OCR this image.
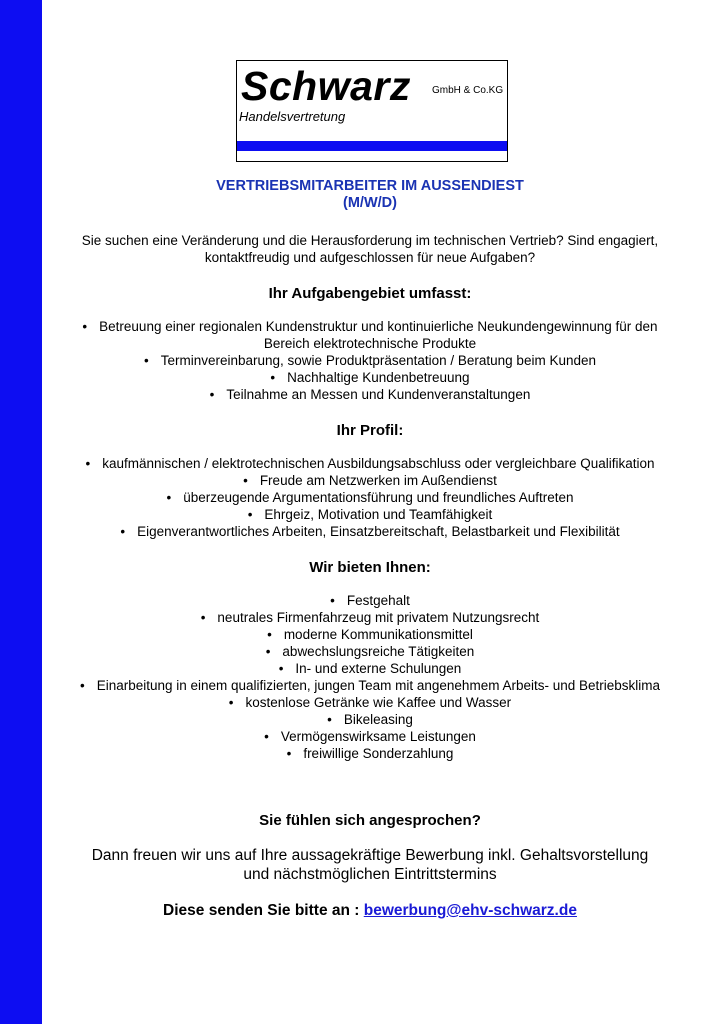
Schwarz GmbH & Co.KG
Handelsvertretung
VERTRIEBSMITARBEITER IM AUSSENDIEST
(M/W/D)

Sie suchen eine Veränderung und die Herausforderung im technischen Vertrieb? Sind engagiert, kontaktfreudig und aufgeschlossen für neue Aufgaben?

Ihr Aufgabengebiet umfasst:
• Betreuung einer regionalen Kundenstruktur und kontinuierliche Neukundengewinnung für den Bereich elektrotechnische Produkte
• Terminvereinbarung, sowie Produktpräsentation / Beratung beim Kunden
• Nachhaltige Kundenbetreuung
• Teilnahme an Messen und Kundenveranstaltungen
Ihr Profil:
• kaufmännischen / elektrotechnischen Ausbildungsabschluss oder vergleichbare Qualifikation
• Freude am Netzwerken im Außendienst
• überzeugende Argumentationsführung und freundliches Auftreten
• Ehrgeiz, Motivation und Teamfähigkeit
• Eigenverantwortliches Arbeiten, Einsatzbereitschaft, Belastbarkeit und Flexibilität
Wir bieten Ihnen:
• Festgehalt
• neutrales Firmenfahrzeug mit privatem Nutzungsrecht
• moderne Kommunikationsmittel
• abwechslungsreiche Tätigkeiten
• In- und externe Schulungen
• Einarbeitung in einem qualifizierten, jungen Team mit angenehmem Arbeits- und Betriebsklima
• kostenlose Getränke wie Kaffee und Wasser
• Bikeleasing
• Vermögenswirksame Leistungen
• freiwillige Sonderzahlung
Sie fühlen sich angesprochen?

Dann freuen wir uns auf Ihre aussagekräftige Bewerbung inkl. Gehaltsvorstellung
und nächstmöglichen Eintrittstermins

Diese senden Sie bitte an : bewerbung@ehv-schwarz.de
